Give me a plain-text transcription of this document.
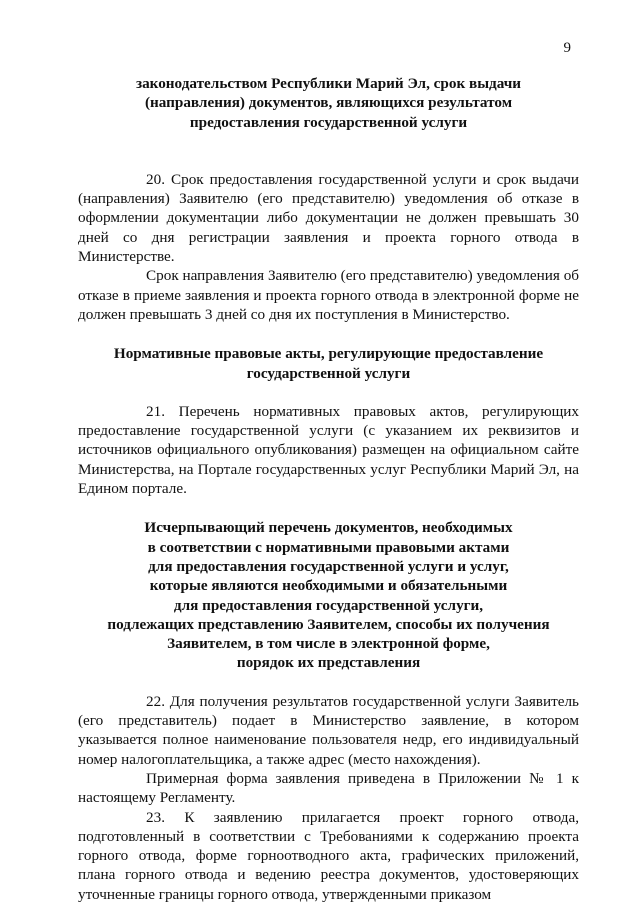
9

законодательством Республики Марий Эл, срок выдачи
(направления) документов, являющихся результатом
предоставления государственной услуги

20. Срок предоставления государственной услуги и срок выдачи (направления) Заявителю (его представителю) уведомления об отказе в оформлении документации либо документации не должен превышать 30 дней со дня регистрации заявления и проекта горного отвода в Министерстве.

Срок направления Заявителю (его представителю) уведомления об отказе в приеме заявления и проекта горного отвода в электронной форме не должен превышать 3 дней со дня их поступления в Министерство.

Нормативные правовые акты, регулирующие предоставление
государственной услуги

21. Перечень нормативных правовых актов, регулирующих предоставление государственной услуги (с указанием их реквизитов и источников официального опубликования) размещен на официальном сайте Министерства, на Портале государственных услуг Республики Марий Эл, на Едином портале.

Исчерпывающий перечень документов, необходимых
в соответствии с нормативными правовыми актами
для предоставления государственной услуги и услуг,
которые являются необходимыми и обязательными
для предоставления государственной услуги,
подлежащих представлению Заявителем, способы их получения
Заявителем, в том числе в электронной форме,
порядок их представления

22. Для получения результатов государственной услуги Заявитель (его представитель) подает в Министерство заявление, в котором указывается полное наименование пользователя недр, его индивидуальный номер налогоплательщика, а также адрес (место нахождения).

Примерная форма заявления приведена в Приложении № 1 к настоящему Регламенту.

23. К заявлению прилагается проект горного отвода, подготовленный в соответствии с Требованиями к содержанию проекта горного отвода, форме горноотводного акта, графических приложений, плана горного отвода и ведению реестра документов, удостоверяющих уточненные границы горного отвода, утвержденными приказом
